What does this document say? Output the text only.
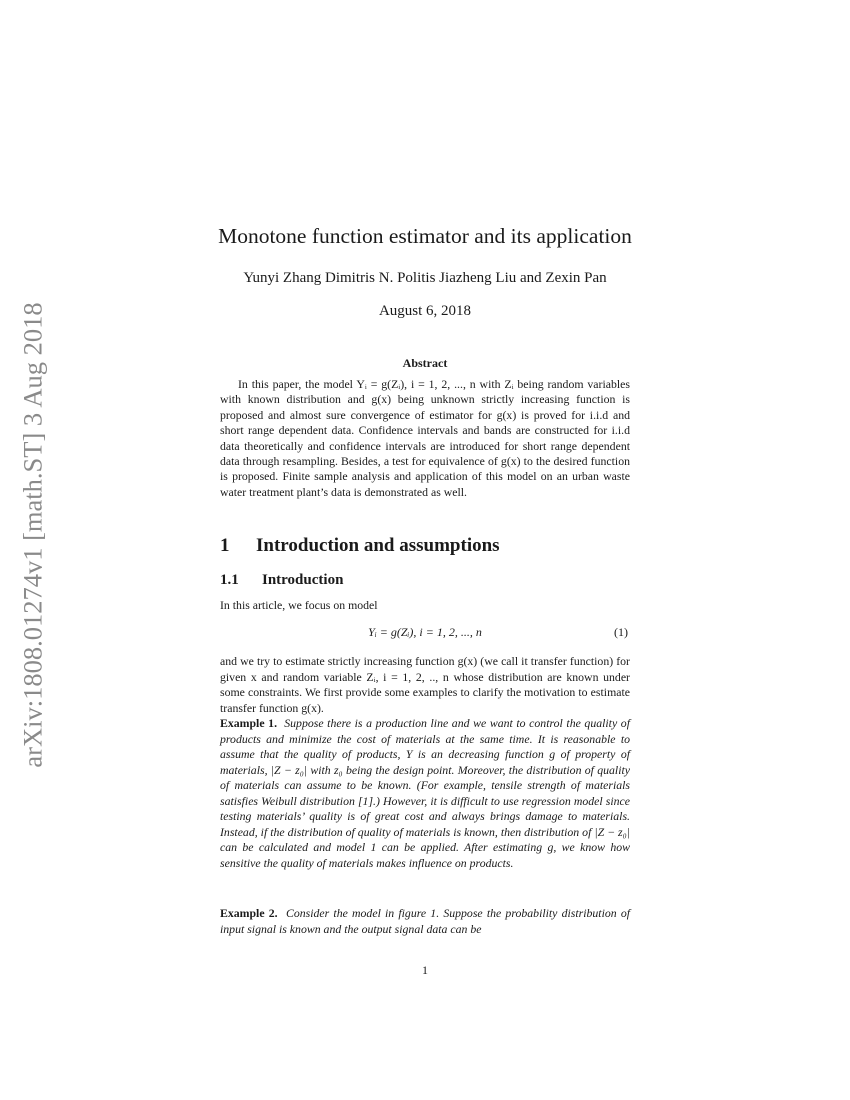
arXiv:1808.01274v1 [math.ST] 3 Aug 2018
Monotone function estimator and its application
Yunyi Zhang Dimitris N. Politis Jiazheng Liu and Zexin Pan
August 6, 2018
Abstract

In this paper, the model Yᵢ = g(Zᵢ), i = 1, 2, ..., n with Zᵢ being random variables with known distribution and g(x) being unknown strictly increasing function is proposed and almost sure convergence of estimator for g(x) is proved for i.i.d and short range dependent data. Confidence intervals and bands are constructed for i.i.d data theoretically and confidence intervals are introduced for short range dependent data through resampling. Besides, a test for equivalence of g(x) to the desired function is proposed. Finite sample analysis and application of this model on an urban waste water treatment plant’s data is demonstrated as well.

1 Introduction and assumptions
1.1 Introduction

In this article, we focus on model

Yᵢ = g(Zᵢ), i = 1, 2, ..., n	(1)

and we try to estimate strictly increasing function g(x) (we call it transfer function) for given x and random variable Zᵢ, i = 1, 2, .., n whose distribution are known under some constraints. We first provide some examples to clarify the motivation to estimate transfer function g(x).

Example 1. Suppose there is a production line and we want to control the quality of products and minimize the cost of materials at the same time. It is reasonable to assume that the quality of products, Y is an decreasing function g of property of materials, |Z − z₀| with z₀ being the design point. Moreover, the distribution of quality of materials can assume to be known. (For example, tensile strength of materials satisfies Weibull distribution [1].) However, it is difficult to use regression model since testing materials’ quality is of great cost and always brings damage to materials. Instead, if the distribution of quality of materials is known, then distribution of |Z − z₀| can be calculated and model 1 can be applied. After estimating g, we know how sensitive the quality of materials makes influence on products.

Example 2. Consider the model in figure 1. Suppose the probability distribution of input signal is known and the output signal data can be

1
